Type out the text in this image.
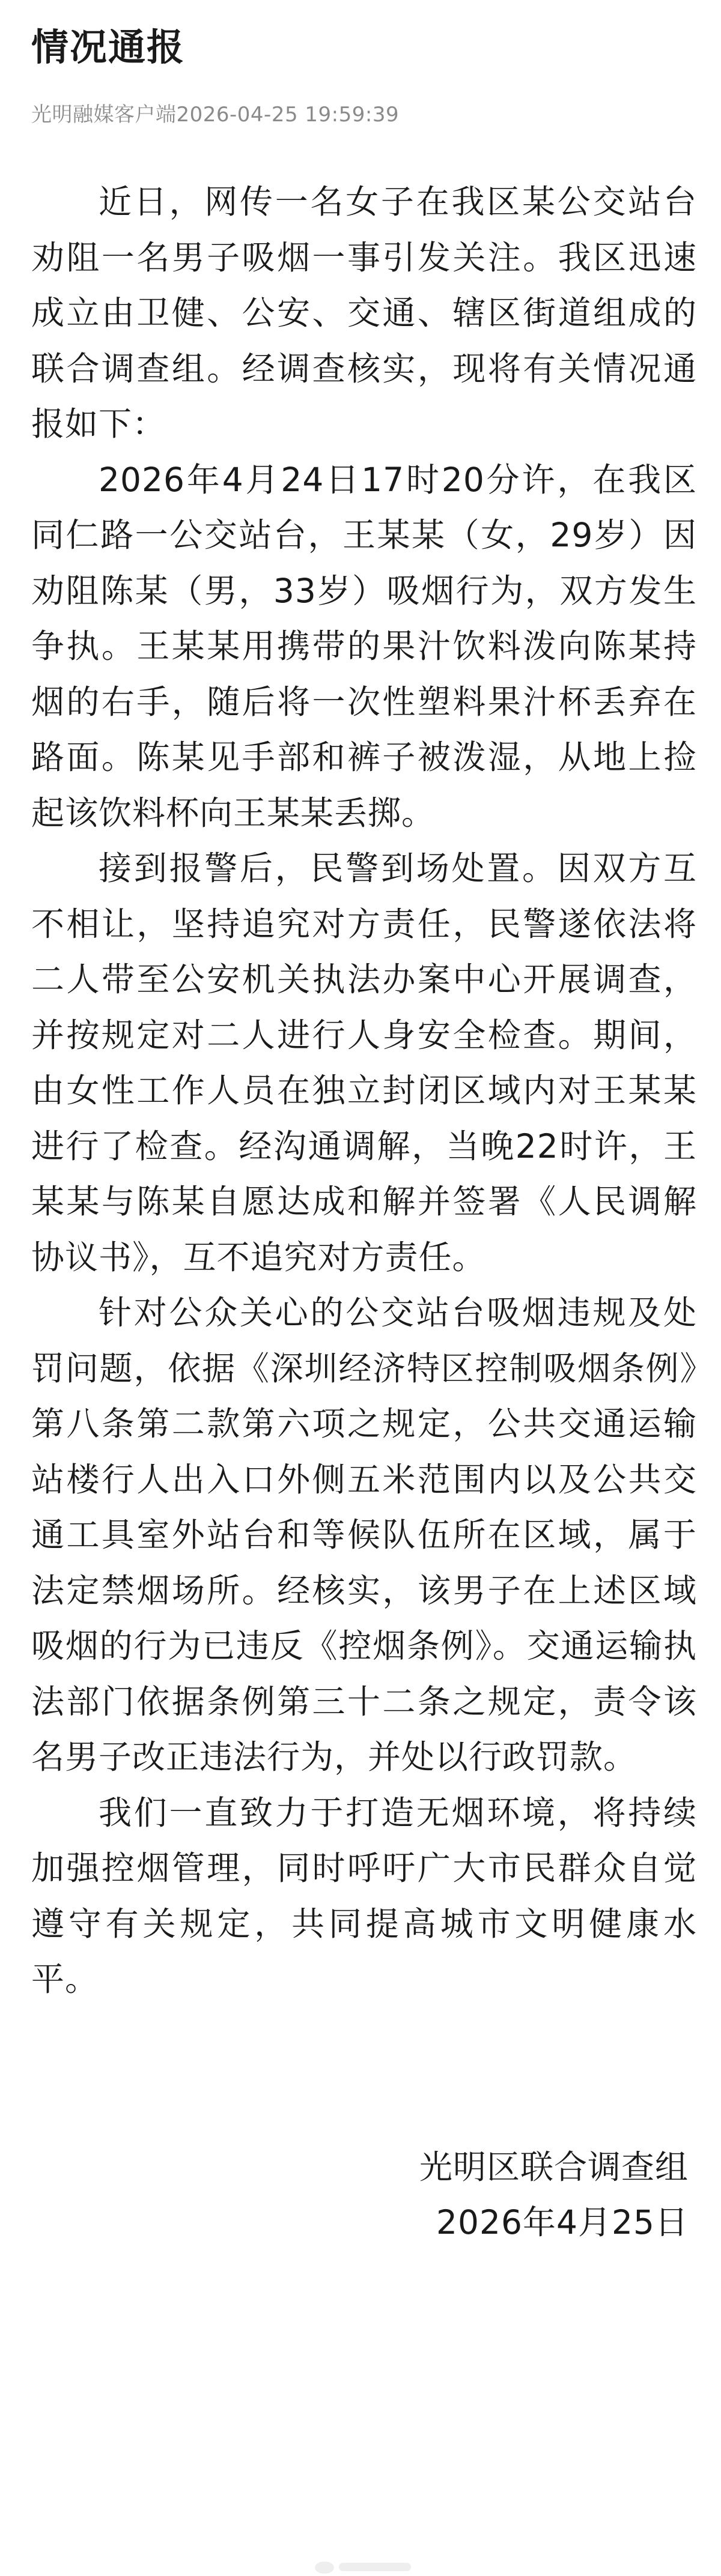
情况通报
光明融媒客户端2026-04-25 19:59:39

近日，网传一名女子在我区某公交站台劝阻一名男子吸烟一事引发关注。我区迅速成立由卫健、公安、交通、辖区街道组成的联合调查组。经调查核实，现将有关情况通报如下：

2026年4月24日17时20分许，在我区同仁路一公交站台，王某某（女，29岁）因劝阻陈某（男，33岁）吸烟行为，双方发生争执。王某某用携带的果汁饮料泼向陈某持烟的右手，随后将一次性塑料果汁杯丢弃在路面。陈某见手部和裤子被泼湿，从地上捡起该饮料杯向王某某丢掷。

接到报警后，民警到场处置。因双方互不相让，坚持追究对方责任，民警遂依法将二人带至公安机关执法办案中心开展调查，并按规定对二人进行人身安全检查。期间，由女性工作人员在独立封闭区域内对王某某进行了检查。经沟通调解，当晚22时许，王某某与陈某自愿达成和解并签署《人民调解协议书》，互不追究对方责任。

针对公众关心的公交站台吸烟违规及处罚问题，依据《深圳经济特区控制吸烟条例》第八条第二款第六项之规定，公共交通运输站楼行人出入口外侧五米范围内以及公共交通工具室外站台和等候队伍所在区域，属于法定禁烟场所。经核实，该男子在上述区域吸烟的行为已违反《控烟条例》。交通运输执法部门依据条例第三十二条之规定，责令该名男子改正违法行为，并处以行政罚款。

我们一直致力于打造无烟环境，将持续加强控烟管理，同时呼吁广大市民群众自觉遵守有关规定，共同提高城市文明健康水平。

光明区联合调查组
2026年4月25日
